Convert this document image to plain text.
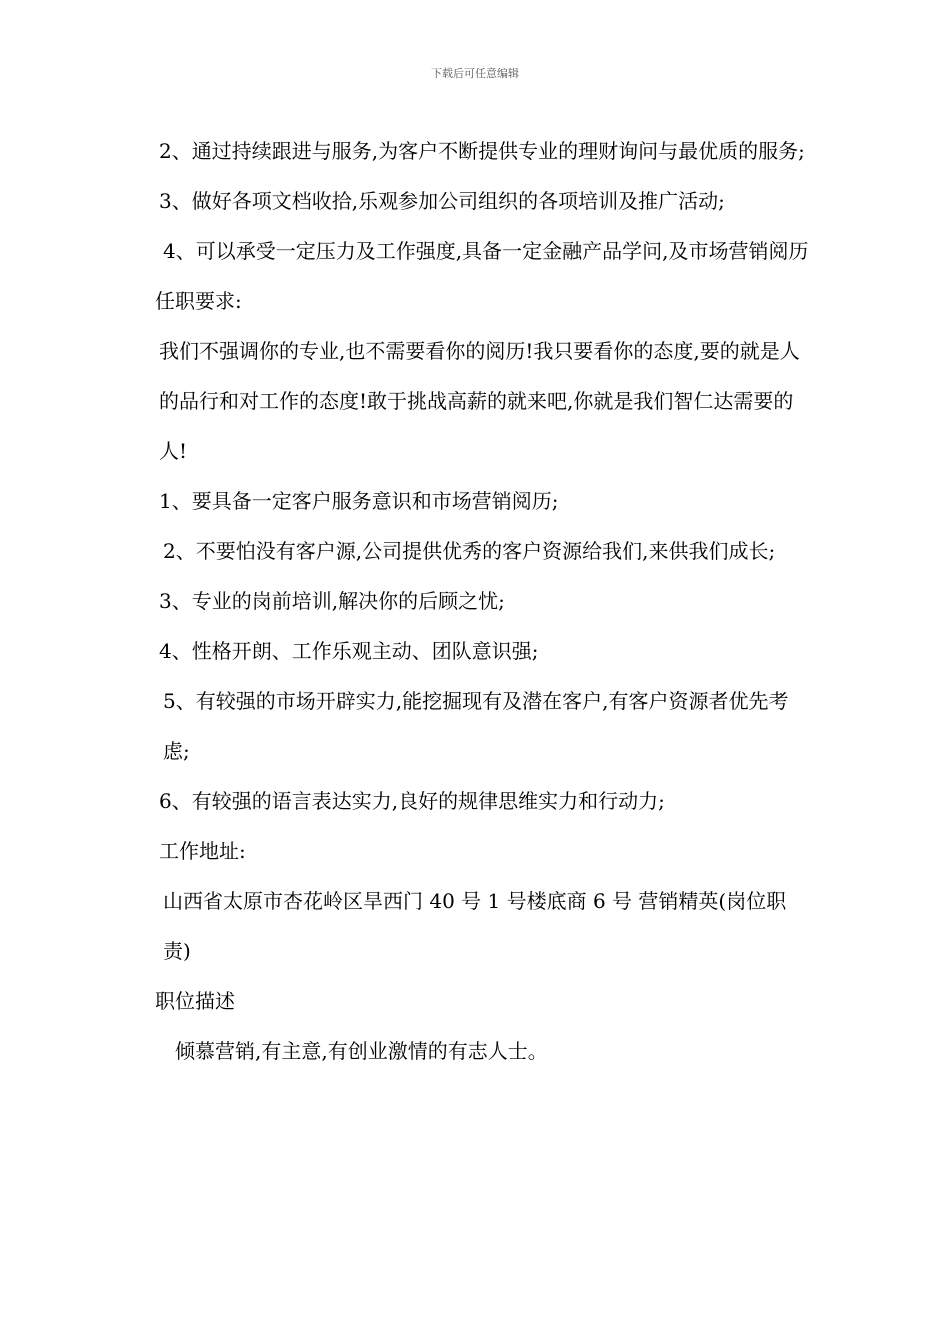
下载后可任意编辑

2、通过持续跟进与服务,为客户不断提供专业的理财询问与最优质的服务;

3、做好各项文档收拾,乐观参加公司组织的各项培训及推广活动;

4、可以承受一定压力及工作强度,具备一定金融产品学问,及市场营销阅历

任职要求:

我们不强调你的专业,也不需要看你的阅历!我只要看你的态度,要的就是人的品行和对工作的态度!敢于挑战高薪的就来吧,你就是我们智仁达需要的人!

1、要具备一定客户服务意识和市场营销阅历;

2、不要怕没有客户源,公司提供优秀的客户资源给我们,来供我们成长;

3、专业的岗前培训,解决你的后顾之忧;

4、性格开朗、工作乐观主动、团队意识强;

5、有较强的市场开辟实力,能挖掘现有及潜在客户,有客户资源者优先考虑;

6、有较强的语言表达实力,良好的规律思维实力和行动力;

工作地址:

山西省太原市杏花岭区旱西门 40 号 1 号楼底商 6 号 营销精英(岗位职责)

职位描述

倾慕营销,有主意,有创业激情的有志人士。
